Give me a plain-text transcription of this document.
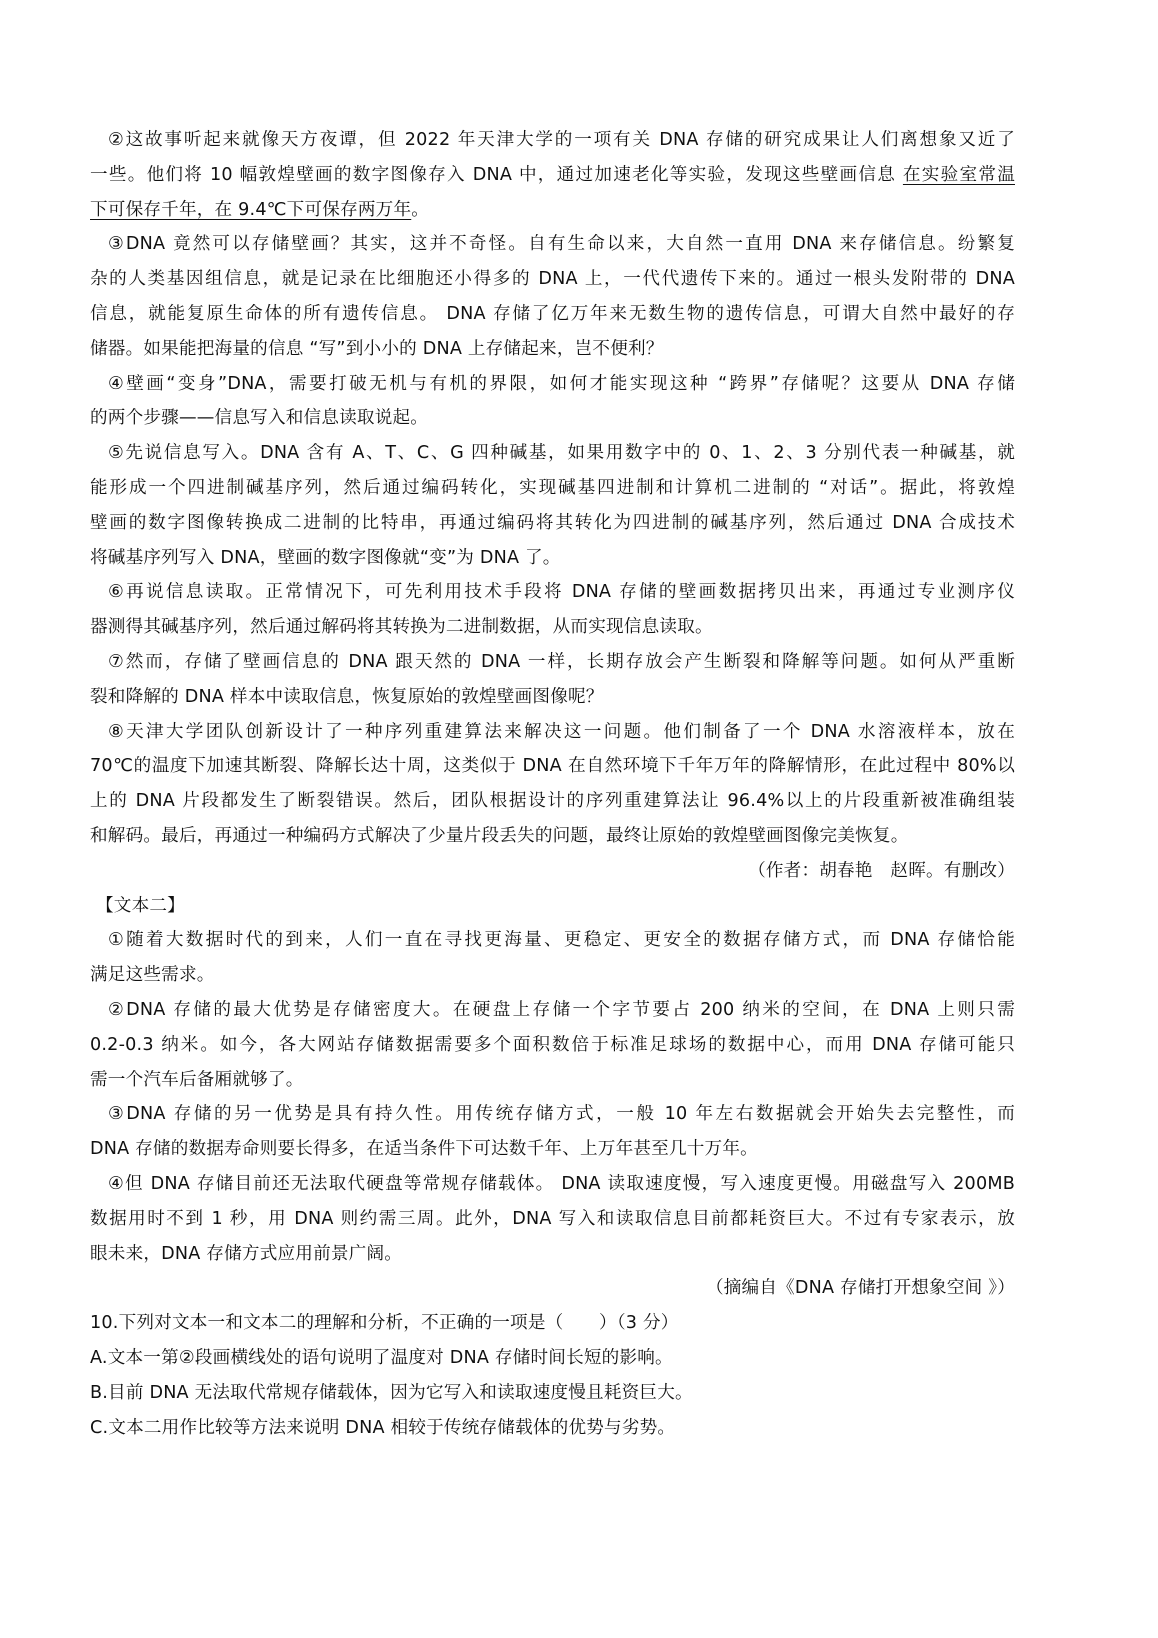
②这故事听起来就像天方夜谭，但 2022 年天津大学的一项有关 DNA 存储的研究成果让人们离想象又近了
一些。他们将 10 幅敦煌壁画的数字图像存入 DNA 中，通过加速老化等实验，发现这些壁画信息 在实验室常温
下可保存千年，在 9.4℃下可保存两万年。
③DNA 竟然可以存储壁画？其实，这并不奇怪。自有生命以来，大自然一直用 DNA 来存储信息。纷繁复
杂的人类基因组信息，就是记录在比细胞还小得多的 DNA 上，一代代遗传下来的。通过一根头发附带的 DNA
信息，就能复原生命体的所有遗传信息。 DNA 存储了亿万年来无数生物的遗传信息，可谓大自然中最好的存
储器。如果能把海量的信息 “写”到小小的 DNA 上存储起来，岂不便利？
④壁画“变身”DNA，需要打破无机与有机的界限，如何才能实现这种 “跨界”存储呢？这要从 DNA 存储
的两个步骤——信息写入和信息读取说起。
⑤先说信息写入。DNA 含有 A、T、C、G 四种碱基，如果用数字中的 0、1、2、3 分别代表一种碱基，就
能形成一个四进制碱基序列，然后通过编码转化，实现碱基四进制和计算机二进制的 “对话”。据此，将敦煌
壁画的数字图像转换成二进制的比特串，再通过编码将其转化为四进制的碱基序列，然后通过 DNA 合成技术
将碱基序列写入 DNA，壁画的数字图像就“变”为 DNA 了。
⑥再说信息读取。正常情况下，可先利用技术手段将 DNA 存储的壁画数据拷贝出来，再通过专业测序仪
器测得其碱基序列，然后通过解码将其转换为二进制数据，从而实现信息读取。
⑦然而，存储了壁画信息的 DNA 跟天然的 DNA 一样，长期存放会产生断裂和降解等问题。如何从严重断
裂和降解的 DNA 样本中读取信息，恢复原始的敦煌壁画图像呢？
⑧天津大学团队创新设计了一种序列重建算法来解决这一问题。他们制备了一个 DNA 水溶液样本，放在
70℃的温度下加速其断裂、降解长达十周，这类似于 DNA 在自然环境下千年万年的降解情形，在此过程中 80%以
上的 DNA 片段都发生了断裂错误。然后，团队根据设计的序列重建算法让 96.4%以上的片段重新被准确组装
和解码。最后，再通过一种编码方式解决了少量片段丢失的问题，最终让原始的敦煌壁画图像完美恢复。
（作者：胡春艳　赵晖。有删改）
【文本二】
①随着大数据时代的到来，人们一直在寻找更海量、更稳定、更安全的数据存储方式，而 DNA 存储恰能
满足这些需求。
②DNA 存储的最大优势是存储密度大。在硬盘上存储一个字节要占 200 纳米的空间，在 DNA 上则只需
0.2-0.3 纳米。如今，各大网站存储数据需要多个面积数倍于标准足球场的数据中心，而用 DNA 存储可能只
需一个汽车后备厢就够了。
③DNA 存储的另一优势是具有持久性。用传统存储方式，一般 10 年左右数据就会开始失去完整性，而
DNA 存储的数据寿命则要长得多，在适当条件下可达数千年、上万年甚至几十万年。
④但 DNA 存储目前还无法取代硬盘等常规存储载体。 DNA 读取速度慢，写入速度更慢。用磁盘写入 200MB
数据用时不到 1 秒，用 DNA 则约需三周。此外，DNA 写入和读取信息目前都耗资巨大。不过有专家表示，放
眼未来，DNA 存储方式应用前景广阔。
（摘编自《DNA 存储打开想象空间 》）
10.下列对文本一和文本二的理解和分析，不正确的一项是（　　）（3 分）
A.文本一第②段画横线处的语句说明了温度对 DNA 存储时间长短的影响。
B.目前 DNA 无法取代常规存储载体，因为它写入和读取速度慢且耗资巨大。
C.文本二用作比较等方法来说明 DNA 相较于传统存储载体的优势与劣势。
